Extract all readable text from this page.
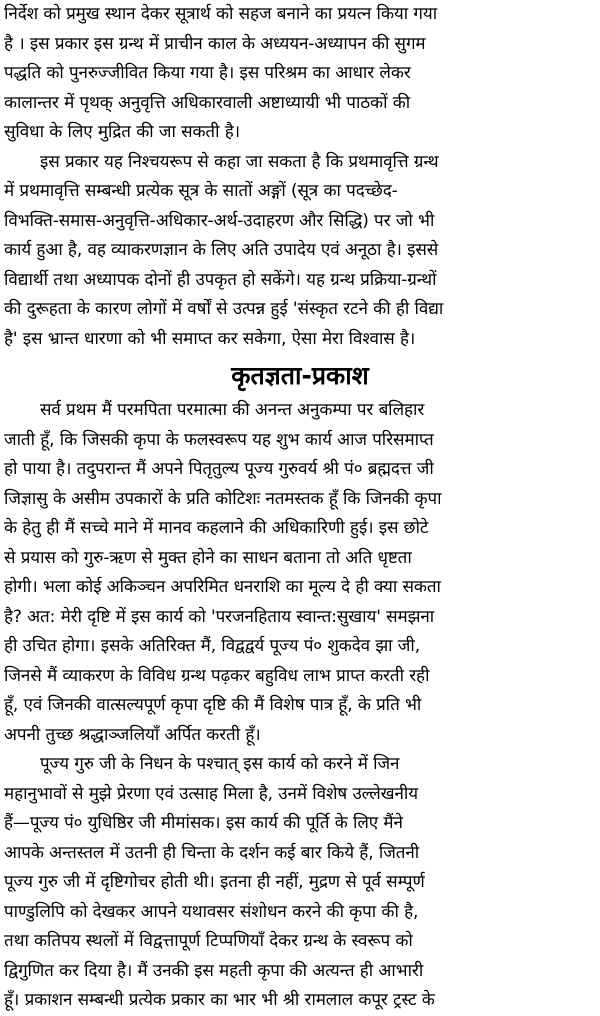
निर्देश को प्रमुख स्थान देकर सूत्रार्थ को सहज बनाने का प्रयत्न किया गया
है । इस प्रकार इस ग्रन्थ में प्राचीन काल के अध्ययन-अध्यापन की सुगम
पद्धति को पुनरुज्जीवित किया गया है। इस परिश्रम का आधार लेकर
कालान्तर में पृथक् अनुवृत्ति अधिकारवाली अष्टाध्यायी भी पाठकों की
सुविधा के लिए मुद्रित की जा सकती है।
इस प्रकार यह निश्चयरूप से कहा जा सकता है कि प्रथमावृत्ति ग्रन्थ
में प्रथमावृत्ति सम्बन्धी प्रत्येक सूत्र के सातों अङ्गों (सूत्र का पदच्छेद-
विभक्ति-समास-अनुवृत्ति-अधिकार-अर्थ-उदाहरण और सिद्धि) पर जो भी
कार्य हुआ है, वह व्याकरणज्ञान के लिए अति उपादेय एवं अनूठा है। इससे
विद्यार्थी तथा अध्यापक दोनों ही उपकृत हो सकेंगे। यह ग्रन्थ प्रक्रिया-ग्रन्थों
की दुरूहता के कारण लोगों में वर्षों से उत्पन्न हुई 'संस्कृत रटने की ही विद्या
है' इस भ्रान्त धारणा को भी समाप्त कर सकेगा, ऐसा मेरा विश्वास है।
कृतज्ञता-प्रकाश
सर्व प्रथम मैं परमपिता परमात्मा की अनन्त अनुकम्पा पर बलिहार
जाती हूँ, कि जिसकी कृपा के फलस्वरूप यह शुभ कार्य आज परिसमाप्त
हो पाया है। तदुपरान्त मैं अपने पितृतुल्य पूज्य गुरुवर्य श्री पं० ब्रह्मदत्त जी
जिज्ञासु के असीम उपकारों के प्रति कोटिशः नतमस्तक हूँ कि जिनकी कृपा
के हेतु ही मैं सच्चे माने में मानव कहलाने की अधिकारिणी हुई। इस छोटे
से प्रयास को गुरु-ऋण से मुक्त होने का साधन बताना तो अति धृष्टता
होगी। भला कोई अकिञ्चन अपरिमित धनराशि का मूल्य दे ही क्या सकता
है? अत: मेरी दृष्टि में इस कार्य को 'परजनहिताय स्वान्त:सुखाय' समझना
ही उचित होगा। इसके अतिरिक्त मैं, विद्वद्वर्य पूज्य पं० शुकदेव झा जी,
जिनसे मैं व्याकरण के विविध ग्रन्थ पढ़कर बहुविध लाभ प्राप्त करती रही
हूँ, एवं जिनकी वात्सल्यपूर्ण कृपा दृष्टि की मैं विशेष पात्र हूँ, के प्रति भी
अपनी तुच्छ श्रद्धाञ्जलियाँ अर्पित करती हूँ।
पूज्य गुरु जी के निधन के पश्चात् इस कार्य को करने में जिन
महानुभावों से मुझे प्रेरणा एवं उत्साह मिला है, उनमें विशेष उल्लेखनीय
हैं—पूज्य पं० युधिष्ठिर जी मीमांसक। इस कार्य की पूर्ति के लिए मैंने
आपके अन्तस्तल में उतनी ही चिन्ता के दर्शन कई बार किये हैं, जितनी
पूज्य गुरु जी में दृष्टिगोचर होती थी। इतना ही नहीं, मुद्रण से पूर्व सम्पूर्ण
पाण्डुलिपि को देखकर आपने यथावसर संशोधन करने की कृपा की है,
तथा कतिपय स्थलों में विद्वत्तापूर्ण टिप्पणियाँ देकर ग्रन्थ के स्वरूप को
द्विगुणित कर दिया है। मैं उनकी इस महती कृपा की अत्यन्त ही आभारी
हूँ। प्रकाशन सम्बन्धी प्रत्येक प्रकार का भार भी श्री रामलाल कपूर ट्रस्ट के
